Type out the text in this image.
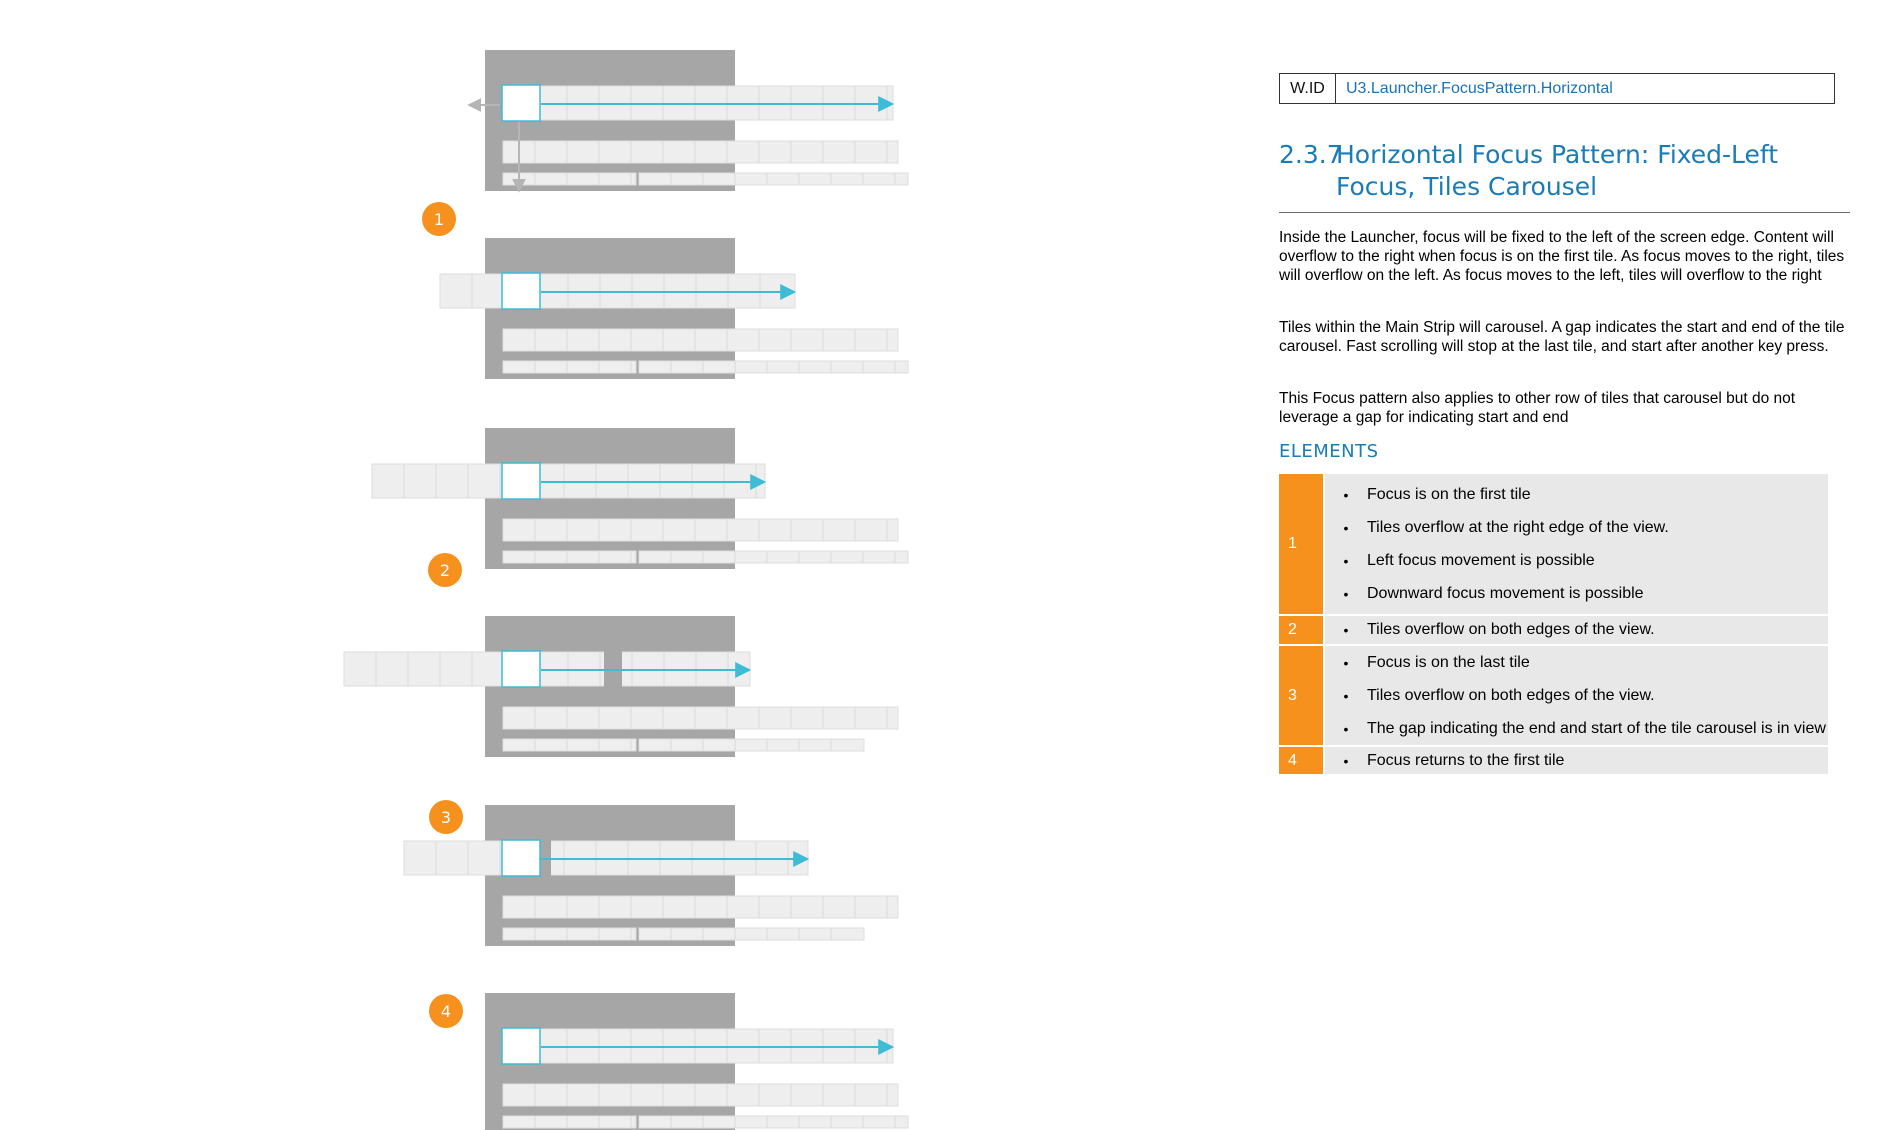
1
2
3
4
W.ID	U3.Launcher.FocusPattern.Horizontal
2.3.7Horizontal Focus Pattern: Fixed-Left
Focus, Tiles Carousel

Inside the Launcher, focus will be fixed to the left of the screen edge. Content will overflow to the right when focus is on the first tile. As focus moves to the right, tiles will overflow on the left. As focus moves to the left, tiles will overflow to the right

Tiles within the Main Strip will carousel. A gap indicates the start and end of the tile carousel. Fast scrolling will stop at the last tile, and start after another key press.

This Focus pattern also applies to other row of tiles that carousel but do not leverage a gap for indicating start and end

ELEMENTS
1
•	Focus is on the first tile
•	Tiles overflow at the right edge of the view.
•	Left focus movement is possible
•	Downward focus movement is possible
2	•	Tiles overflow on both edges of the view.
3
•	Focus is on the last tile
•	Tiles overflow on both edges of the view.
•	The gap indicating the end and start of the tile carousel is in view
4	•	Focus returns to the first tile
